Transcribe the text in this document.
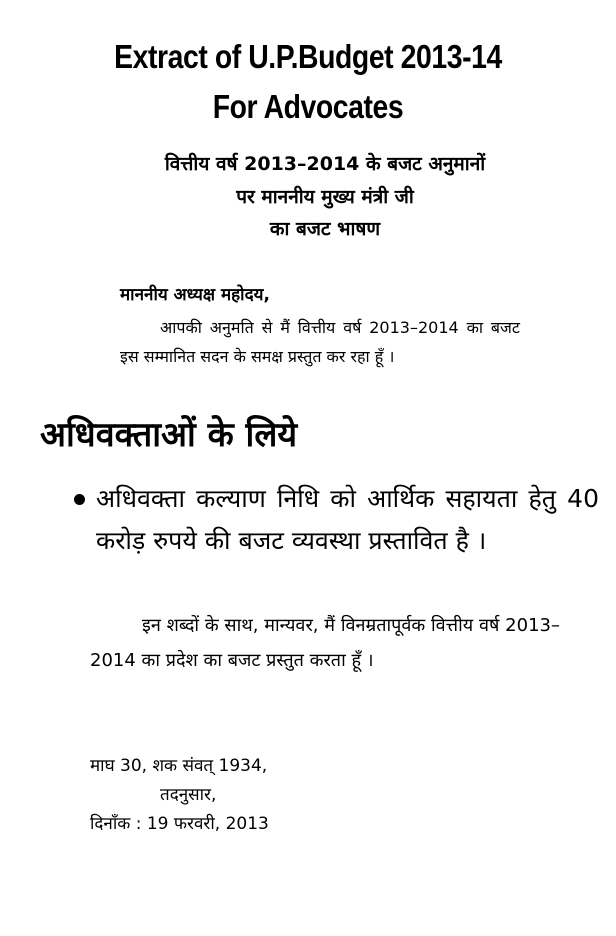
Extract of U.P.Budget 2013-14
For Advocates
वित्तीय वर्ष 2013–2014 के बजट अनुमानों
पर माननीय मुख्य मंत्री जी
का बजट भाषण
माननीय अध्यक्ष महोदय,
आपकी अनुमति से मैं वित्तीय वर्ष 2013–2014 का बजट इस सम्मानित सदन के समक्ष प्रस्तुत कर रहा हूँ ।
अधिवक्ताओं के लिये
अधिवक्ता कल्याण निधि को आर्थिक सहायता हेतु 40 करोड़ रुपये की बजट व्यवस्था प्रस्तावित है ।
इन शब्दों के साथ, मान्यवर, मैं विनम्रतापूर्वक वित्तीय वर्ष 2013–2014 का प्रदेश का बजट प्रस्तुत करता हूँ ।
माघ 30, शक संवत् 1934,
तदनुसार,
दिनाँक : 19 फरवरी, 2013
